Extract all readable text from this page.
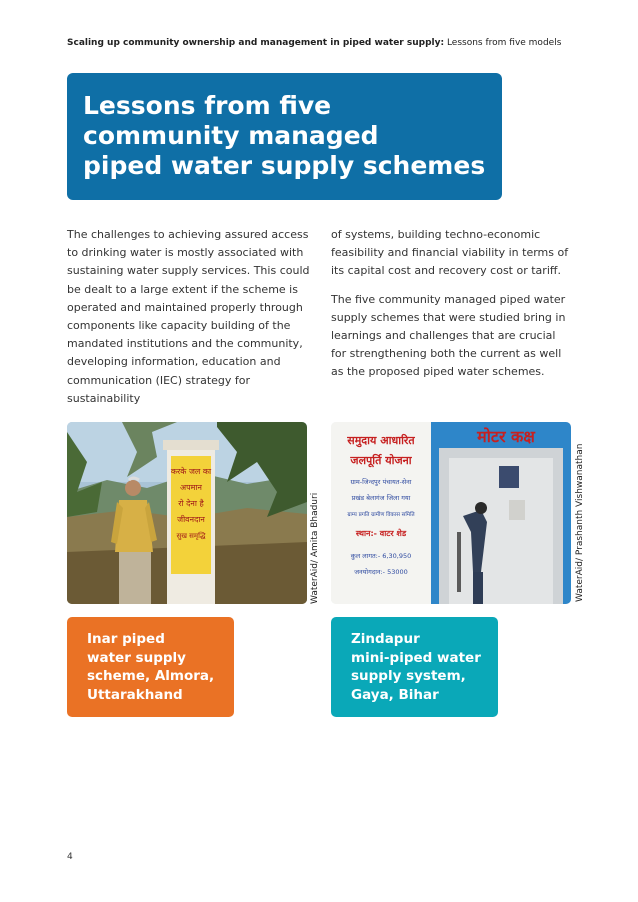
Scaling up community ownership and management in piped water supply: Lessons from five models
Lessons from five
community managed
piped water supply schemes

The challenges to achieving assured access to drinking water is mostly associated with sustaining water supply services. This could be dealt to a large extent if the scheme is operated and maintained properly through components like capacity building of the mandated institutions and the community, developing information, education and communication (IEC) strategy for sustainability

of systems, building techno-economic feasibility and financial viability in terms of its capital cost and recovery cost or tariff.

The five community managed piped water supply schemes that were studied bring in learnings and challenges that are crucial for strengthening both the current as well as the proposed piped water schemes.

करके जल का
अपमान
रो देना है
जीवनदान
सुख समृद्धि	WaterAid/ Amita Bhaduri
मोटर कक्ष
समुदाय आधारित
जलपूर्ति योजना
ग्राम-जिन्दपुर पंचायत-सेना
प्रखंड बेलागंज जिला गया
ग्राम्य प्रगति ग्रामीण विकास समिति
स्थान:- वाटर शेड
कुल लागत:- 6,30,950
जनयोगदान:- 53000	WaterAid/ Prashanth Vishwanathan
Inar piped
water supply
scheme, Almora,
Uttarakhand
Zindapur
mini-piped water
supply system,
Gaya, Bihar
4
